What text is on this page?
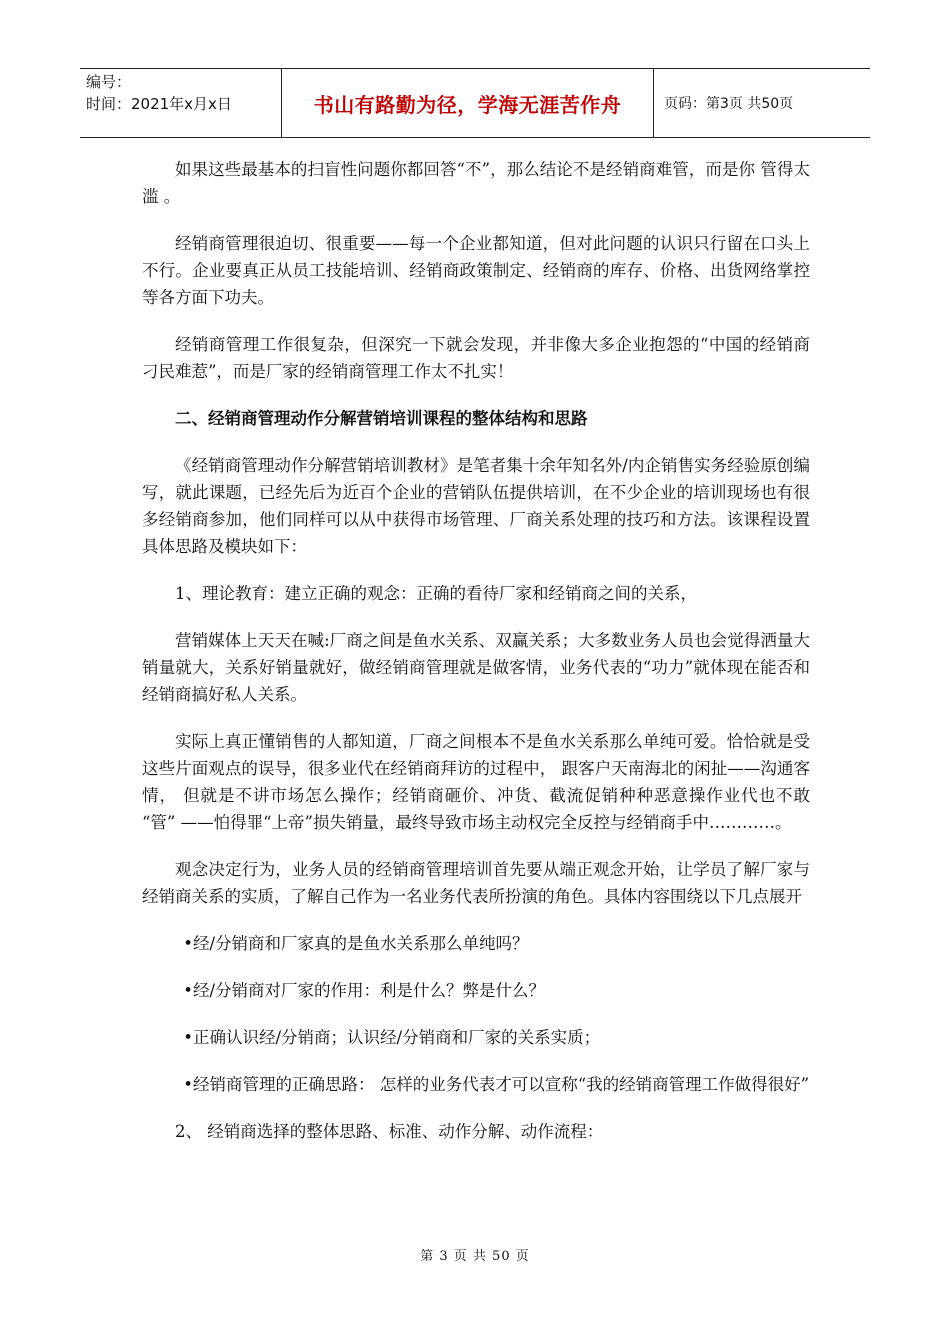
编号：
时间：2021年x月x日	书山有路勤为径，学海无涯苦作舟	页码：第3页 共50页

如果这些最基本的扫盲性问题你都回答“不”，那么结论不是经销商难管，而是你 管得太滥 。

经销商管理很迫切、很重要——每一个企业都知道，但对此问题的认识只行留在口头上不行。企业要真正从员工技能培训、经销商政策制定、经销商的库存、价格、出货网络掌控等各方面下功夫。

经销商管理工作很复杂，但深究一下就会发现，并非像大多企业抱怨的“中国的经销商刁民难惹”，而是厂家的经销商管理工作太不扎实！

二、经销商管理动作分解营销培训课程的整体结构和思路

《经销商管理动作分解营销培训教材》是笔者集十余年知名外/内企销售实务经验原创编写，就此课题，已经先后为近百个企业的营销队伍提供培训，在不少企业的培训现场也有很多经销商参加，他们同样可以从中获得市场管理、厂商关系处理的技巧和方法。该课程设置具体思路及模块如下：

1、理论教育：建立正确的观念：正确的看待厂家和经销商之间的关系，

营销媒体上天天在喊:厂商之间是鱼水关系、双赢关系；大多数业务人员也会觉得洒量大销量就大，关系好销量就好，做经销商管理就是做客情，业务代表的“功力”就体现在能否和经销商搞好私人关系。

实际上真正懂销售的人都知道，厂商之间根本不是鱼水关系那么单纯可爱。恰恰就是受这些片面观点的误导，很多业代在经销商拜访的过程中， 跟客户天南海北的闲扯——沟通客情， 但就是不讲市场怎么操作；经销商砸价、冲货、截流促销种种恶意操作业代也不敢 “管” ——怕得罪“上帝”损失销量，最终导致市场主动权完全反控与经销商手中…………。

观念决定行为，业务人员的经销商管理培训首先要从端正观念开始，让学员了解厂家与经销商关系的实质，了解自己作为一名业务代表所扮演的角色。具体内容围绕以下几点展开

•经/分销商和厂家真的是鱼水关系那么单纯吗？

•经/分销商对厂家的作用：利是什么？弊是什么？

•正确认识经/分销商；认识经/分销商和厂家的关系实质；

•经销商管理的正确思路： 怎样的业务代表才可以宣称“我的经销商管理工作做得很好”

2、 经销商选择的整体思路、标准、动作分解、动作流程：

第 3 页 共 50 页
